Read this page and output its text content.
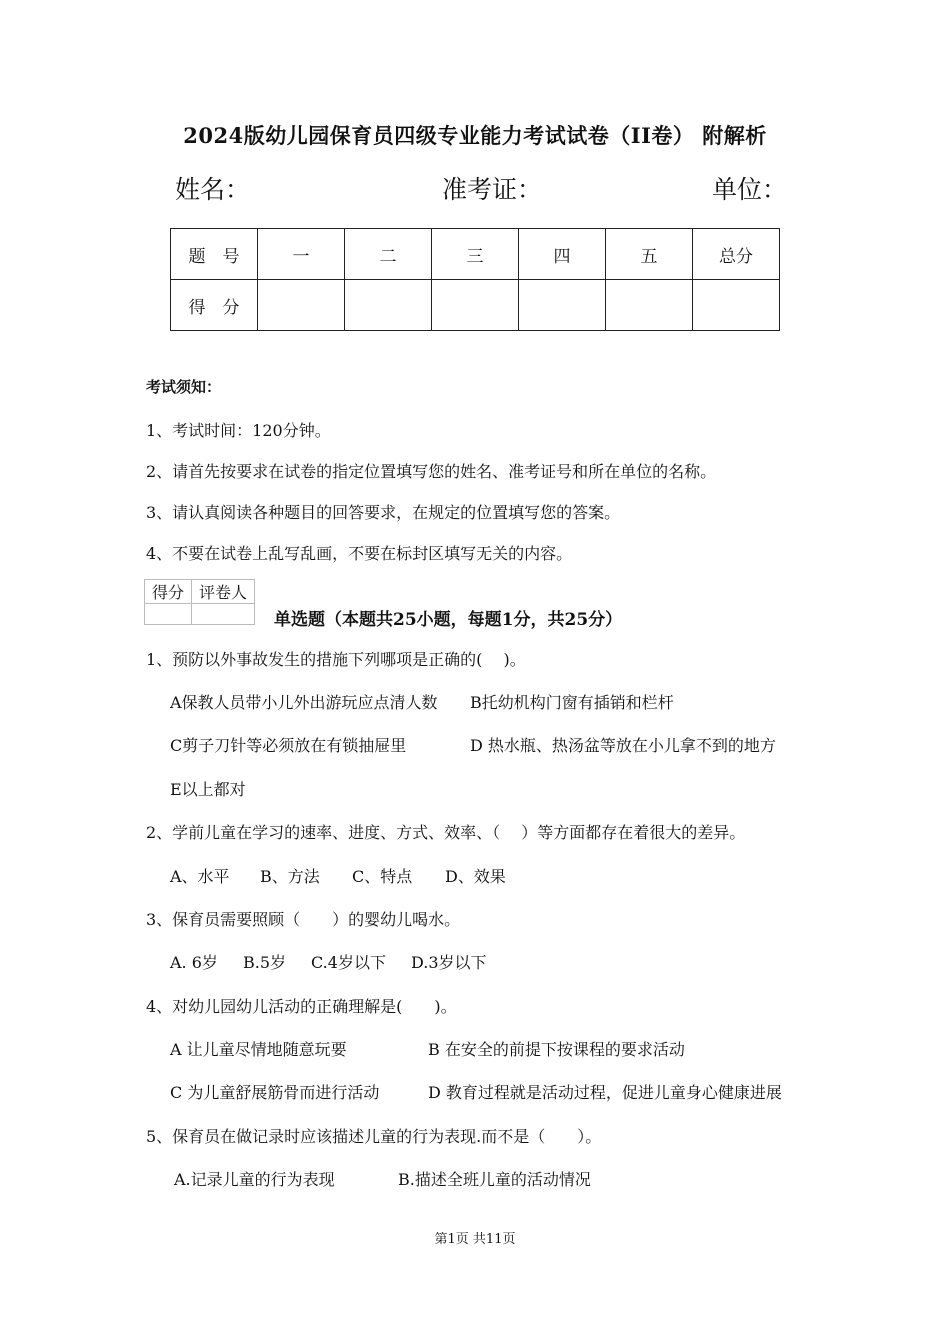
2024版幼儿园保育员四级专业能力考试试卷（II卷） 附解析
姓名：	准考证：	单位：
题　号	一	二	三	四	五	总分
得　分						
考试须知：
1、考试时间：120分钟。
2、请首先按要求在试卷的指定位置填写您的姓名、准考证号和所在单位的名称。
3、请认真阅读各种题目的回答要求，在规定的位置填写您的答案。
4、不要在试卷上乱写乱画，不要在标封区填写无关的内容。
得分	评卷人

单选题（本题共25小题，每题1分，共25分）
1、预防以外事故发生的措施下列哪项是正确的(　 )。
A保教人员带小儿外出游玩应点清人数 B托幼机构门窗有插销和栏杆
C剪子刀针等必须放在有锁抽屉里	D 热水瓶、热汤盆等放在小儿拿不到的地方
E以上都对
2、学前儿童在学习的速率、进度、方式、效率、（　 ）等方面都存在着很大的差异。
A、水平 B、方法 C、特点 D、效果
3、保育员需要照顾（　　）的婴幼儿喝水。
A. 6岁 B.5岁 C.4岁以下 D.3岁以下
4、对幼儿园幼儿活动的正确理解是(　　)。
A 让儿童尽情地随意玩要	B 在安全的前提下按课程的要求活动
C 为儿童舒展筋骨而进行活动	D 教育过程就是活动过程，促进儿童身心健康进展
5、保育员在做记录时应该描述儿童的行为表现.而不是（　　）。
A.记录儿童的行为表现	B.描述全班儿童的活动情况
第1页 共11页
